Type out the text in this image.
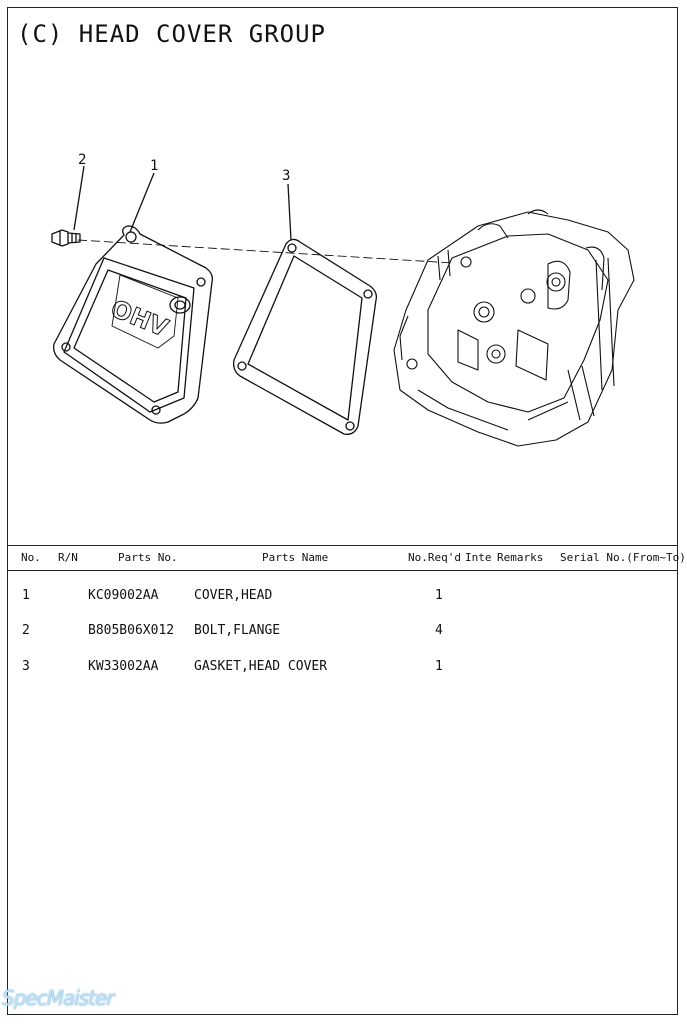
(C) HEAD COVER GROUP
OHV
2	1
3
No. R/N	Parts No.	Parts Name	No.Req'd Inte Remarks Serial No.(From~To)
1	KC09002AA	COVER,HEAD	1
2	B805B06X012 BOLT,FLANGE	4
3	KW33002AA	GASKET,HEAD COVER	1
SpecMaister
